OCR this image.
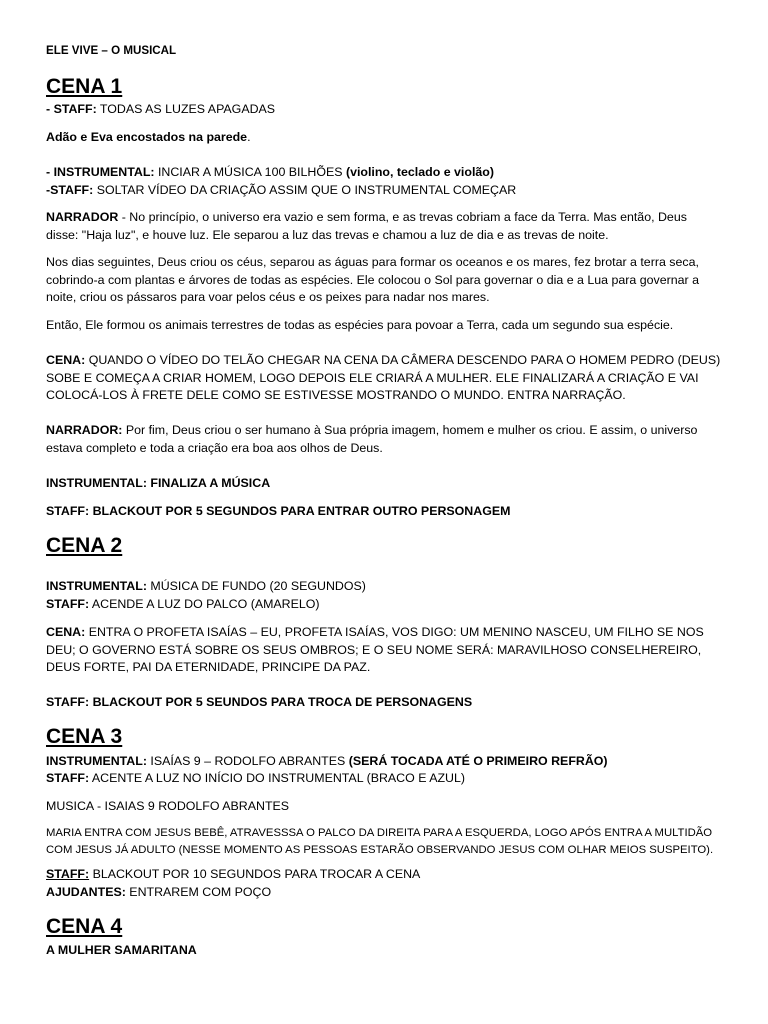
ELE VIVE – O MUSICAL
CENA 1
- STAFF: TODAS AS LUZES APAGADAS
Adão e Eva encostados na parede.
- INSTRUMENTAL: INCIAR A MÚSICA 100 BILHÕES (violino, teclado e violão)
-STAFF: SOLTAR VÍDEO DA CRIAÇÃO ASSIM QUE O INSTRUMENTAL COMEÇAR
NARRADOR - No princípio, o universo era vazio e sem forma, e as trevas cobriam a face da Terra. Mas então, Deus disse: "Haja luz", e houve luz. Ele separou a luz das trevas e chamou a luz de dia e as trevas de noite.
Nos dias seguintes, Deus criou os céus, separou as águas para formar os oceanos e os mares, fez brotar a terra seca, cobrindo-a com plantas e árvores de todas as espécies. Ele colocou o Sol para governar o dia e a Lua para governar a noite, criou os pássaros para voar pelos céus e os peixes para nadar nos mares.
Então, Ele formou os animais terrestres de todas as espécies para povoar a Terra, cada um segundo sua espécie.
CENA: QUANDO O VÍDEO DO TELÃO CHEGAR NA CENA DA CÂMERA DESCENDO PARA O HOMEM PEDRO (DEUS) SOBE E COMEÇA A CRIAR HOMEM, LOGO DEPOIS ELE CRIARÁ A MULHER. ELE FINALIZARÁ A CRIAÇÃO E VAI COLOCÁ-LOS À FRETE DELE COMO SE ESTIVESSE MOSTRANDO O MUNDO. ENTRA NARRAÇÃO.
NARRADOR: Por fim, Deus criou o ser humano à Sua própria imagem, homem e mulher os criou. E assim, o universo estava completo e toda a criação era boa aos olhos de Deus.
INSTRUMENTAL: FINALIZA A MÚSICA
STAFF: BLACKOUT POR 5 SEGUNDOS PARA ENTRAR OUTRO PERSONAGEM
CENA 2
INSTRUMENTAL: MÚSICA DE FUNDO (20 SEGUNDOS)
STAFF: ACENDE A LUZ DO PALCO (AMARELO)
CENA: ENTRA O PROFETA ISAÍAS – EU, PROFETA ISAÍAS, VOS DIGO: UM MENINO NASCEU, UM FILHO SE NOS DEU; O GOVERNO ESTÁ SOBRE OS SEUS OMBROS; E O SEU NOME SERÁ: MARAVILHOSO CONSELHEREIRO, DEUS FORTE, PAI DA ETERNIDADE, PRINCIPE DA PAZ.
STAFF: BLACKOUT POR 5 SEUNDOS PARA TROCA DE PERSONAGENS
CENA 3
INSTRUMENTAL: ISAÍAS 9 – RODOLFO ABRANTES (SERÁ TOCADA ATÉ O PRIMEIRO REFRÃO)
STAFF: ACENTE A LUZ NO INÍCIO DO INSTRUMENTAL (BRACO E AZUL)
MUSICA - ISAIAS 9 RODOLFO ABRANTES
MARIA ENTRA COM JESUS BEBÊ, ATRAVESSSA O PALCO DA DIREITA PARA A ESQUERDA, LOGO APÓS ENTRA A MULTIDÃO COM JESUS JÁ ADULTO (NESSE MOMENTO AS PESSOAS ESTARÃO OBSERVANDO JESUS COM OLHAR MEIOS SUSPEITO).
STAFF: BLACKOUT POR 10 SEGUNDOS PARA TROCAR A CENA
AJUDANTES: ENTRAREM COM POÇO
CENA 4
A MULHER SAMARITANA
